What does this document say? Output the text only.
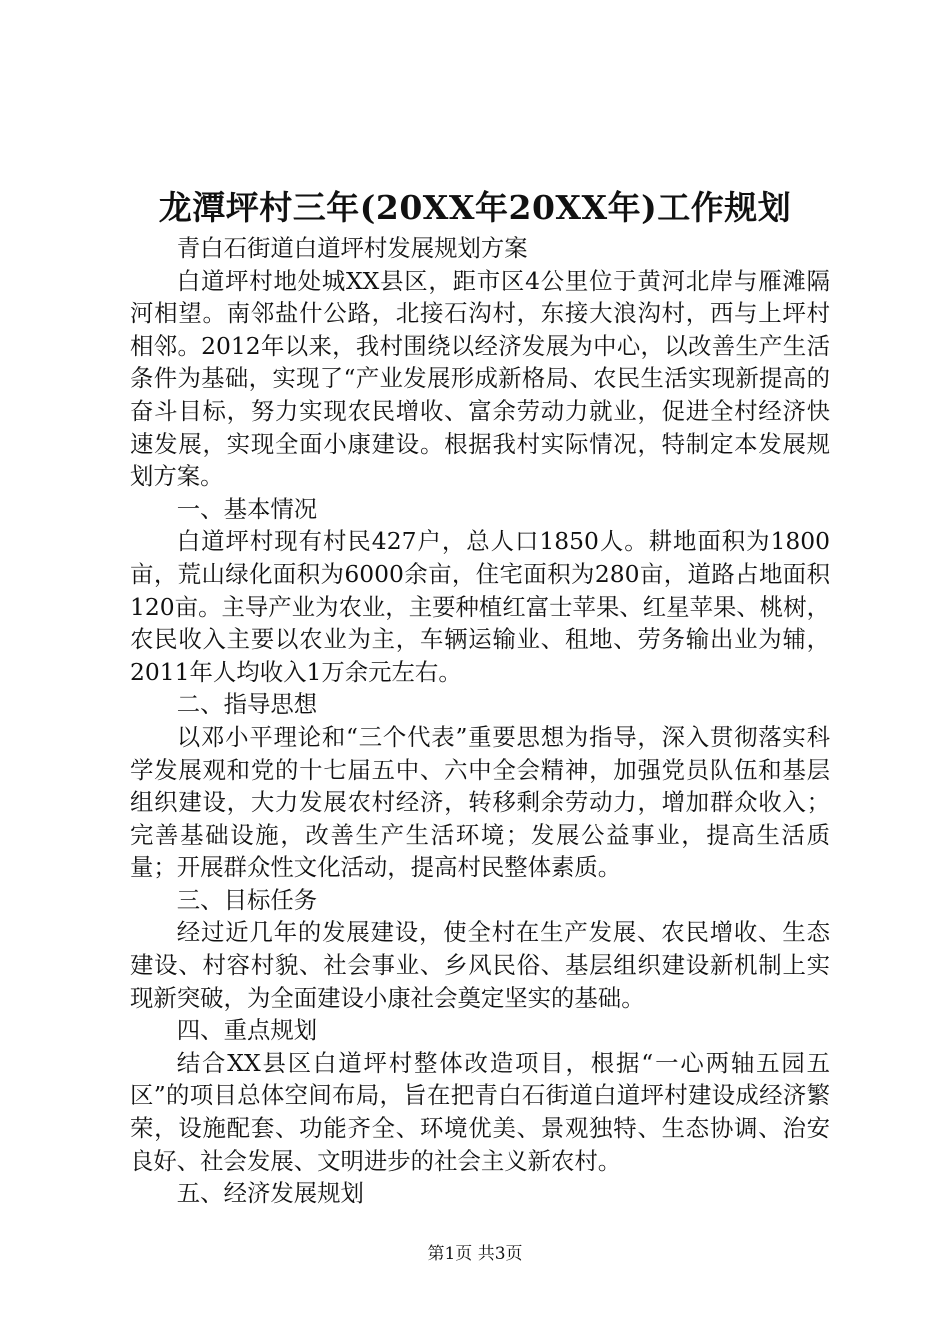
龙潭坪村三年(20XX年20XX年)工作规划

青白石街道白道坪村发展规划方案

白道坪村地处城XX县区，距市区4公里位于黄河北岸与雁滩隔河相望。南邻盐什公路，北接石沟村，东接大浪沟村，西与上坪村相邻。2012年以来，我村围绕以经济发展为中心，以改善生产生活条件为基础，实现了“产业发展形成新格局、农民生活实现新提高的奋斗目标，努力实现农民增收、富余劳动力就业，促进全村经济快速发展，实现全面小康建设。根据我村实际情况，特制定本发展规划方案。

一、基本情况

白道坪村现有村民427户，总人口1850人。耕地面积为1800亩，荒山绿化面积为6000余亩，住宅面积为280亩，道路占地面积120亩。主导产业为农业，主要种植红富士苹果、红星苹果、桃树，农民收入主要以农业为主，车辆运输业、租地、劳务输出业为辅，2011年人均收入1万余元左右。

二、指导思想

以邓小平理论和“三个代表”重要思想为指导，深入贯彻落实科学发展观和党的十七届五中、六中全会精神，加强党员队伍和基层组织建设，大力发展农村经济，转移剩余劳动力，增加群众收入；完善基础设施，改善生产生活环境；发展公益事业，提高生活质量；开展群众性文化活动，提高村民整体素质。

三、目标任务

经过近几年的发展建设，使全村在生产发展、农民增收、生态建设、村容村貌、社会事业、乡风民俗、基层组织建设新机制上实现新突破，为全面建设小康社会奠定坚实的基础。

四、重点规划

结合XX县区白道坪村整体改造项目，根据“一心两轴五园五区”的项目总体空间布局，旨在把青白石街道白道坪村建设成经济繁荣，设施配套、功能齐全、环境优美、景观独特、生态协调、治安良好、社会发展、文明进步的社会主义新农村。

五、经济发展规划

第1页 共3页
